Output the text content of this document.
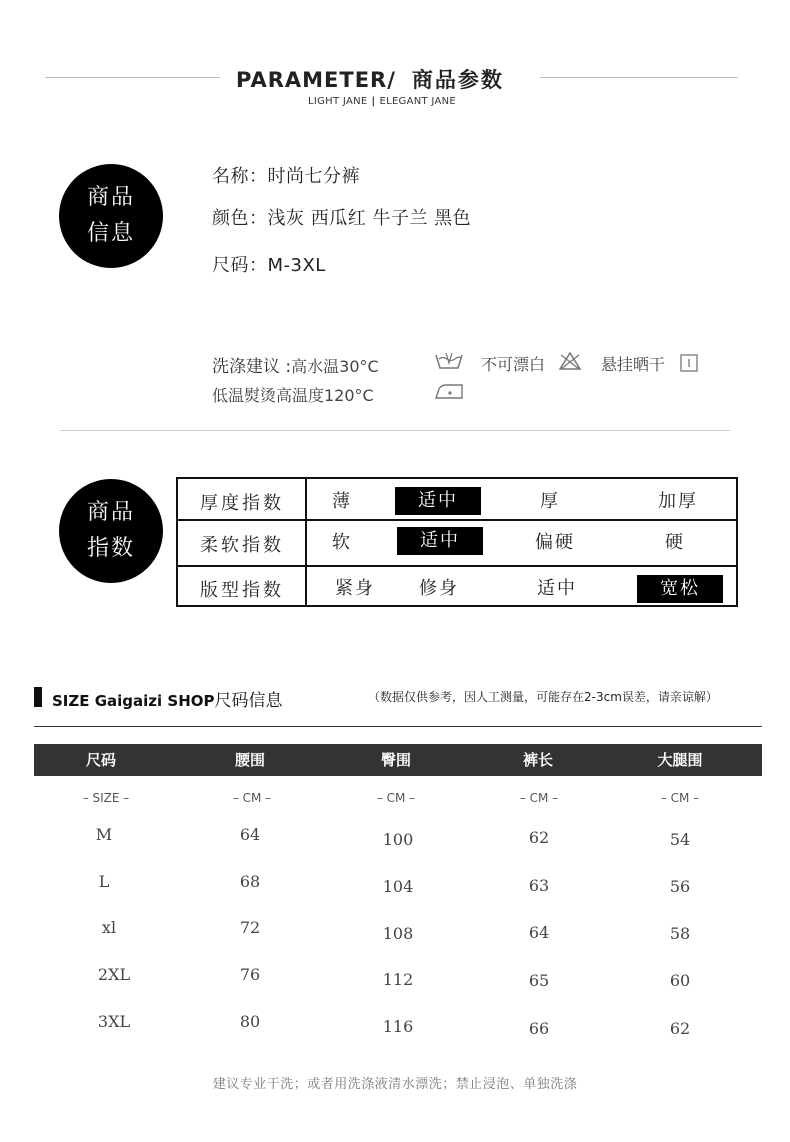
PARAMETER/ 商品参数
LIGHT JANE | ELEGANT JANE
商品
信息
名称：时尚七分裤
颜色：浅灰 西瓜红 牛子兰 黑色
尺码：M-3XL
洗涤建议 :高水温30°C	不可漂白	悬挂晒干
低温熨烫高温度120°C
商品
指数
厚度指数	薄	适中	厚	加厚
柔软指数	软	适中	偏硬	硬
版型指数	紧身	修身	适中	宽松
SIZE Gaigaizi SHOP尺码信息	（数据仅供参考，因人工测量，可能存在2-3cm误差，请亲谅解）
尺码	腰围	臀围	裤长	大腿围
– SIZE –	– CM –	– CM –	– CM –	– CM –
M	64	100	62	54
L	68	104	63	56
xl	72	108	64	58
2XL	76	112	65	60
3XL	80	116	66	62
建议专业干洗；或者用洗涤液清水漂洗；禁止浸泡、单独洗涤
